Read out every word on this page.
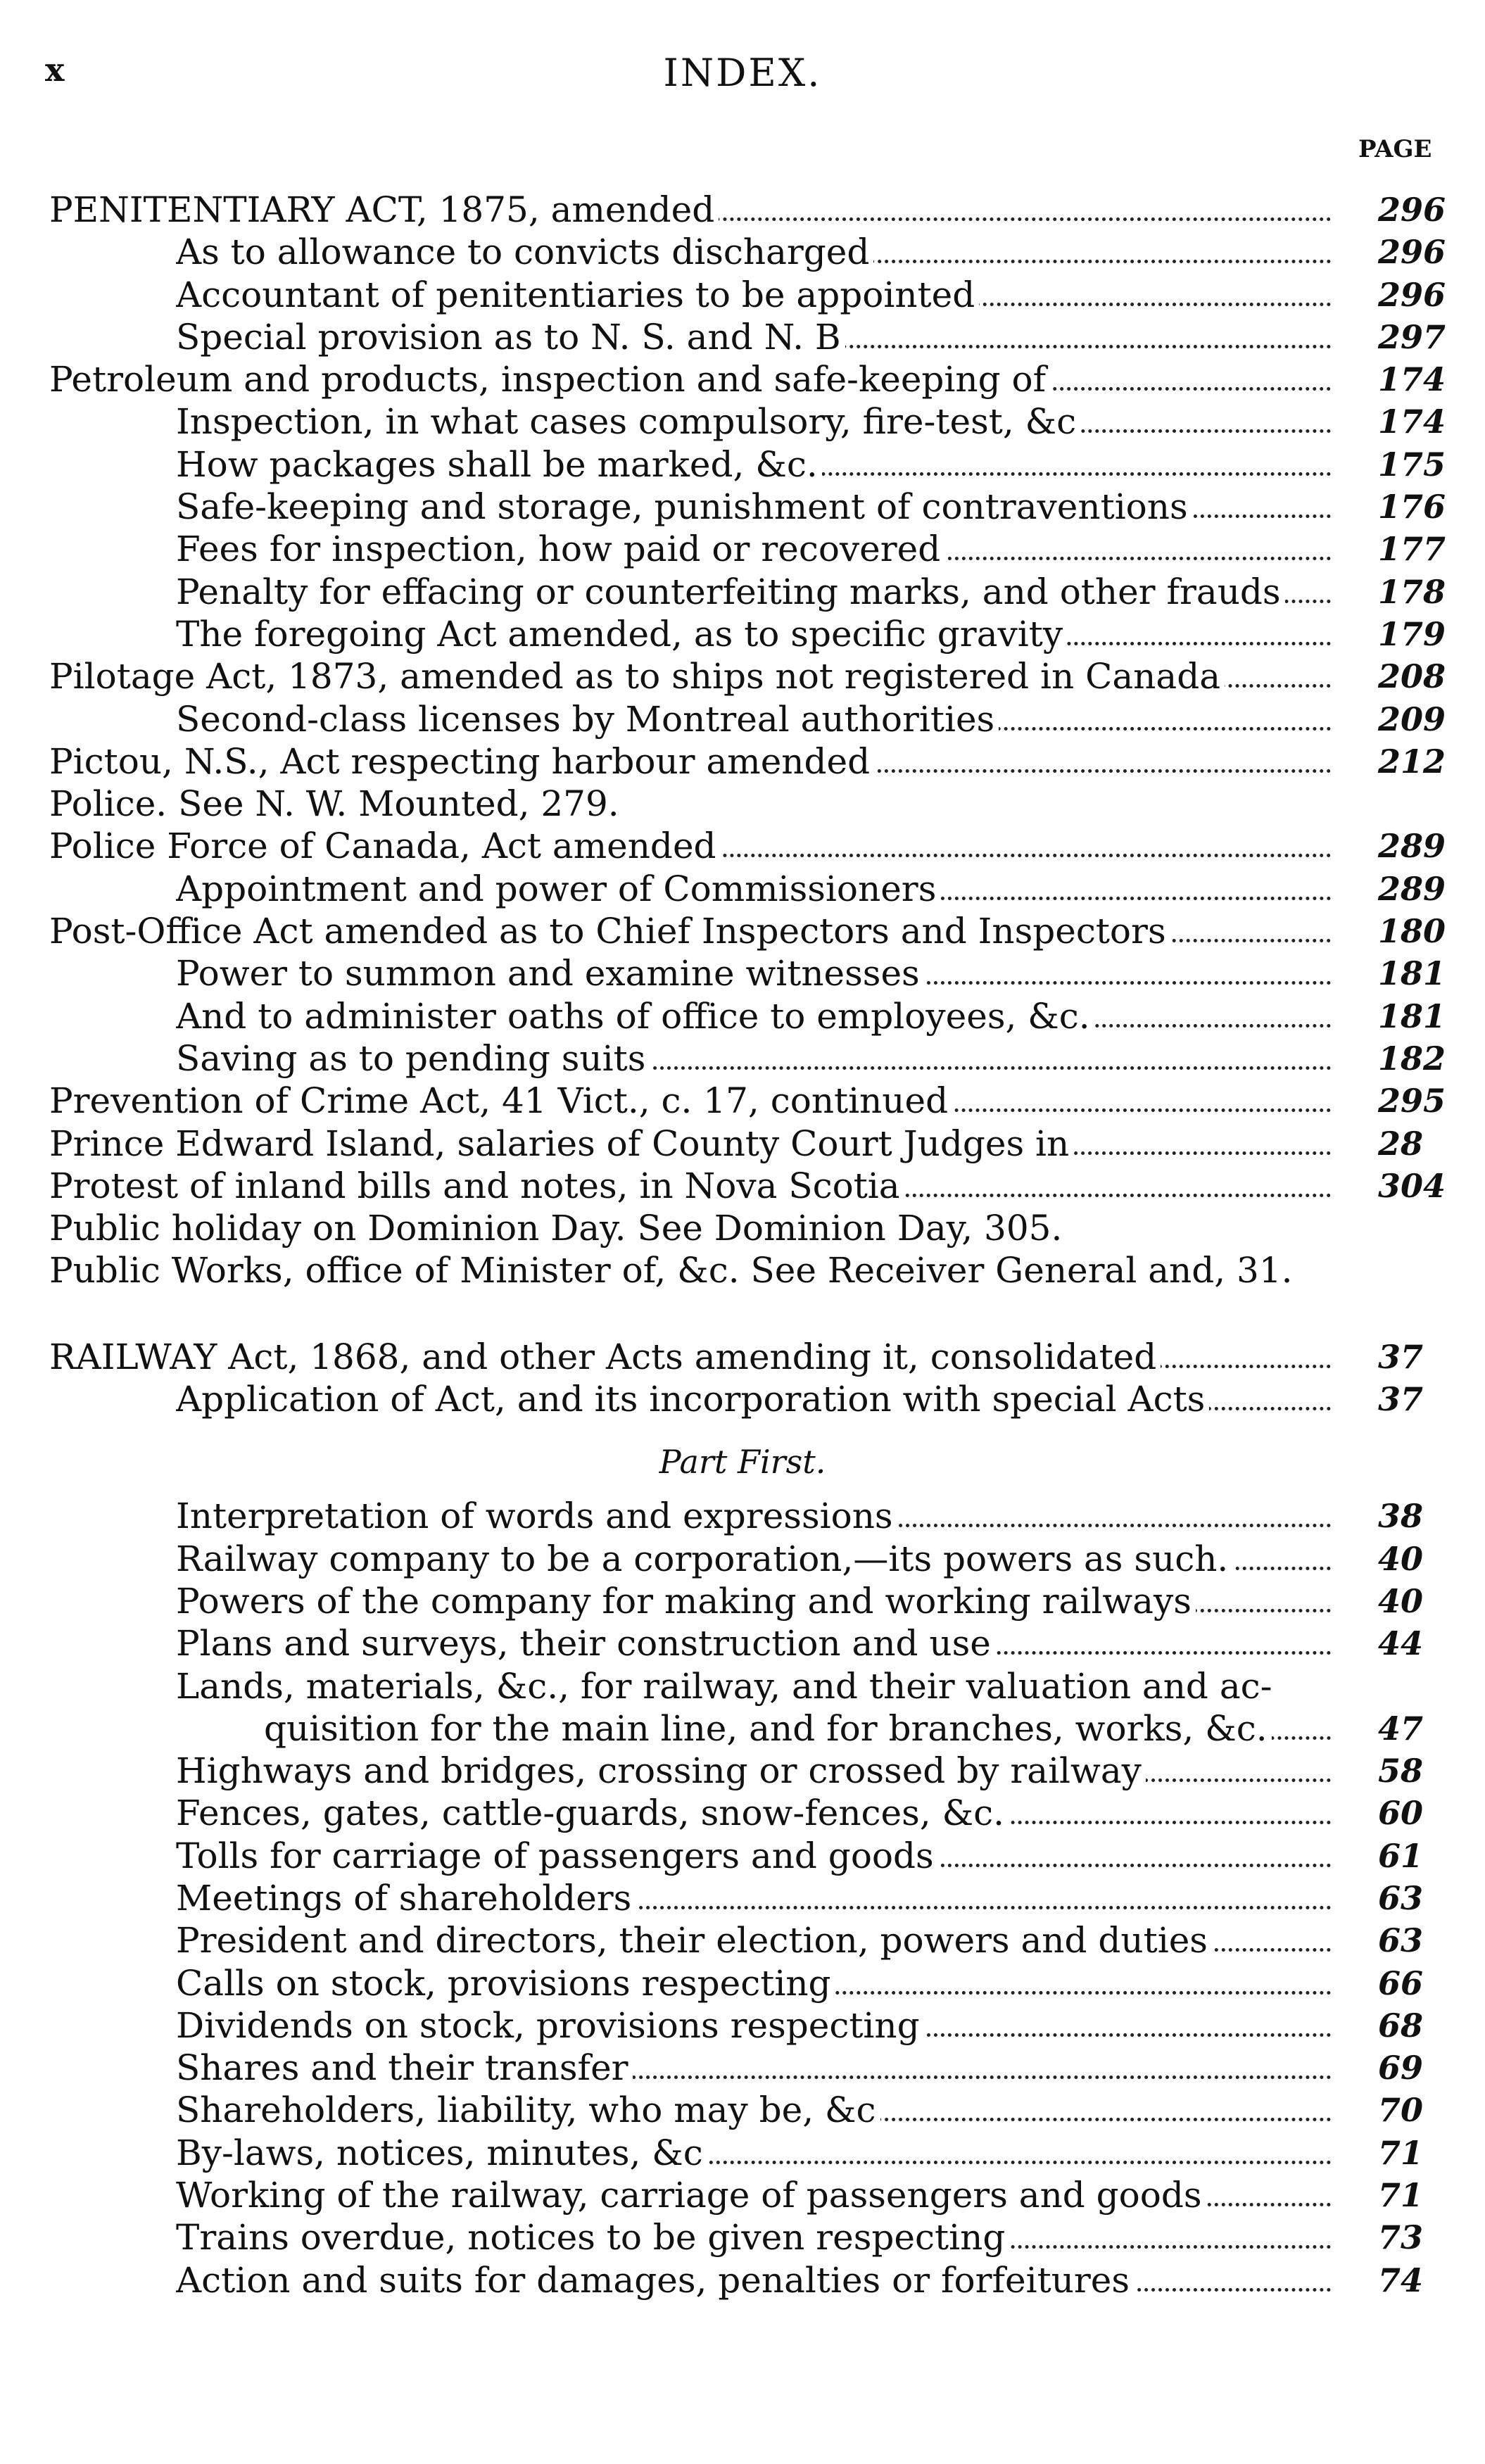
x	INDEX.
PAGE
PENITENTIARY ACT, 1875, amended	296
As to allowance to convicts discharged	296
Accountant of penitentiaries to be appointed	296
Special provision as to N. S. and N. B	297
Petroleum and products, inspection and safe-keeping of	174
Inspection, in what cases compulsory, fire-test, &c	174
How packages shall be marked, &c.	175
Safe-keeping and storage, punishment of contraventions	176
Fees for inspection, how paid or recovered	177
Penalty for effacing or counterfeiting marks, and other frauds	178
The foregoing Act amended, as to specific gravity	179
Pilotage Act, 1873, amended as to ships not registered in Canada	208
Second-class licenses by Montreal authorities	209
Pictou, N.S., Act respecting harbour amended	212
Police. See N. W. Mounted, 279.
Police Force of Canada, Act amended	289
Appointment and power of Commissioners	289
Post-Office Act amended as to Chief Inspectors and Inspectors	180
Power to summon and examine witnesses	181
And to administer oaths of office to employees, &c.	181
Saving as to pending suits	182
Prevention of Crime Act, 41 Vict., c. 17, continued	295
Prince Edward Island, salaries of County Court Judges in	28
Protest of inland bills and notes, in Nova Scotia	304
Public holiday on Dominion Day. See Dominion Day, 305.
Public Works, office of Minister of, &c. See Receiver General and, 31.
RAILWAY Act, 1868, and other Acts amending it, consolidated	37
Application of Act, and its incorporation with special Acts	37
Part First.
Interpretation of words and expressions	38
Railway company to be a corporation,—its powers as such.	40
Powers of the company for making and working railways	40
Plans and surveys, their construction and use	44
Lands, materials, &c., for railway, and their valuation and ac-
quisition for the main line, and for branches, works, &c.	47
Highways and bridges, crossing or crossed by railway	58
Fences, gates, cattle-guards, snow-fences, &c.	60
Tolls for carriage of passengers and goods	61
Meetings of shareholders	63
President and directors, their election, powers and duties	63
Calls on stock, provisions respecting	66
Dividends on stock, provisions respecting	68
Shares and their transfer	69
Shareholders, liability, who may be, &c	70
By-laws, notices, minutes, &c	71
Working of the railway, carriage of passengers and goods	71
Trains overdue, notices to be given respecting	73
Action and suits for damages, penalties or forfeitures	74
